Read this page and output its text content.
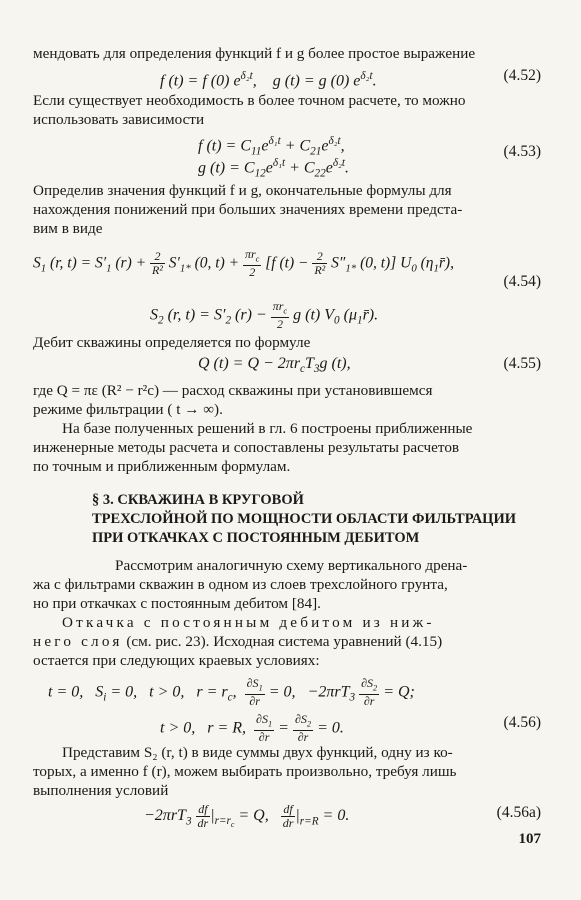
мендовать для определения функций f и g более простое выражение
f (t) = f (0) $e^{\delta_2t}$,    g (t) = g (0) $e^{\delta_2t}$.	(4.52)
Если существует необходимость в более точном расчете, то можно
использовать зависимости
f $(t) = C_{11}e^{\delta_1t} + C_{21}e^{\delta_2t}$,
g $(t) = C_{12}e^{\delta_1t} + C_{22}e^{\delta_2t}$.
(4.53)
Определив значения функций f и g, окончательные формулы для
нахождения понижений при больших значениях времени предста-
вим в виде
$S_1$ (r, $t) = S'_1$ $(r) + \frac{2}{\text{R²}} S'_{1*}$ (0, $t) + \frac{\pi r_c}{2} [f$ $(t) - \frac{2}{\text{R²}} S''_{1*}$ (0, t)] $U_0$ $(\eta_1r̄)$,
(4.54)
$S_2$ (r, $t) = S'_2$ $(r) - \frac{\pi r_c}{2}$ g (t) $V_0$ $(\mu_1r̄)$.
Дебит скважины определяется по формуле
Q $(t) = Q - 2\pi r_cT_3g$ (t),	(4.55)
где Q = πε (R² − r²c) — расход скважины при установившемся
режиме фильтрации ( t → ∞).
На базе полученных решений в гл. 6 построены приближенные
инженерные методы расчета и сопоставлены результаты расчетов
по точным и приближенным формулам.
§ 3. СКВАЖИНА В КРУГОВОЙ
ТРЕХСЛОЙНОЙ ПО МОЩНОСТИ ОБЛАСТИ ФИЛЬТРАЦИИ
ПРИ ОТКАЧКАХ С ПОСТОЯННЫМ ДЕБИТОМ
Рассмотрим аналогичную схему вертикального дрена-
жа с фильтрами скважин в одном из слоев трехслойного грунта,
но при откачках с постоянным дебитом [84].
Откачка с постоянным дебитом из ниж-
него слоя (см. рис. 23). Исходная система уравнений (4.15)
остается при следующих краевых условиях:
t = 0,   $S_i = 0$,   t > 0,   $r = r_c$, $\frac{\partial S_1}{\partial r} = 0$,   $-2\pi rT_3 \frac{\partial S_2}{\partial r} = Q$;
t > 0,   r = R, $\frac{\partial S_1}{\partial r} = \frac{\partial S_2}{\partial r} = 0$.	(4.56)
Представим S₂ (r, t) в виде суммы двух функций, одну из ко-
торых, а именно f (r), можем выбирать произвольно, требуя лишь
выполнения условий
$-2\pi rT_3 \frac{df}{dr} |_{r=r_c} = Q$, $\frac{df}{dr} |_{r=R} = 0$.	(4.56a)
107
